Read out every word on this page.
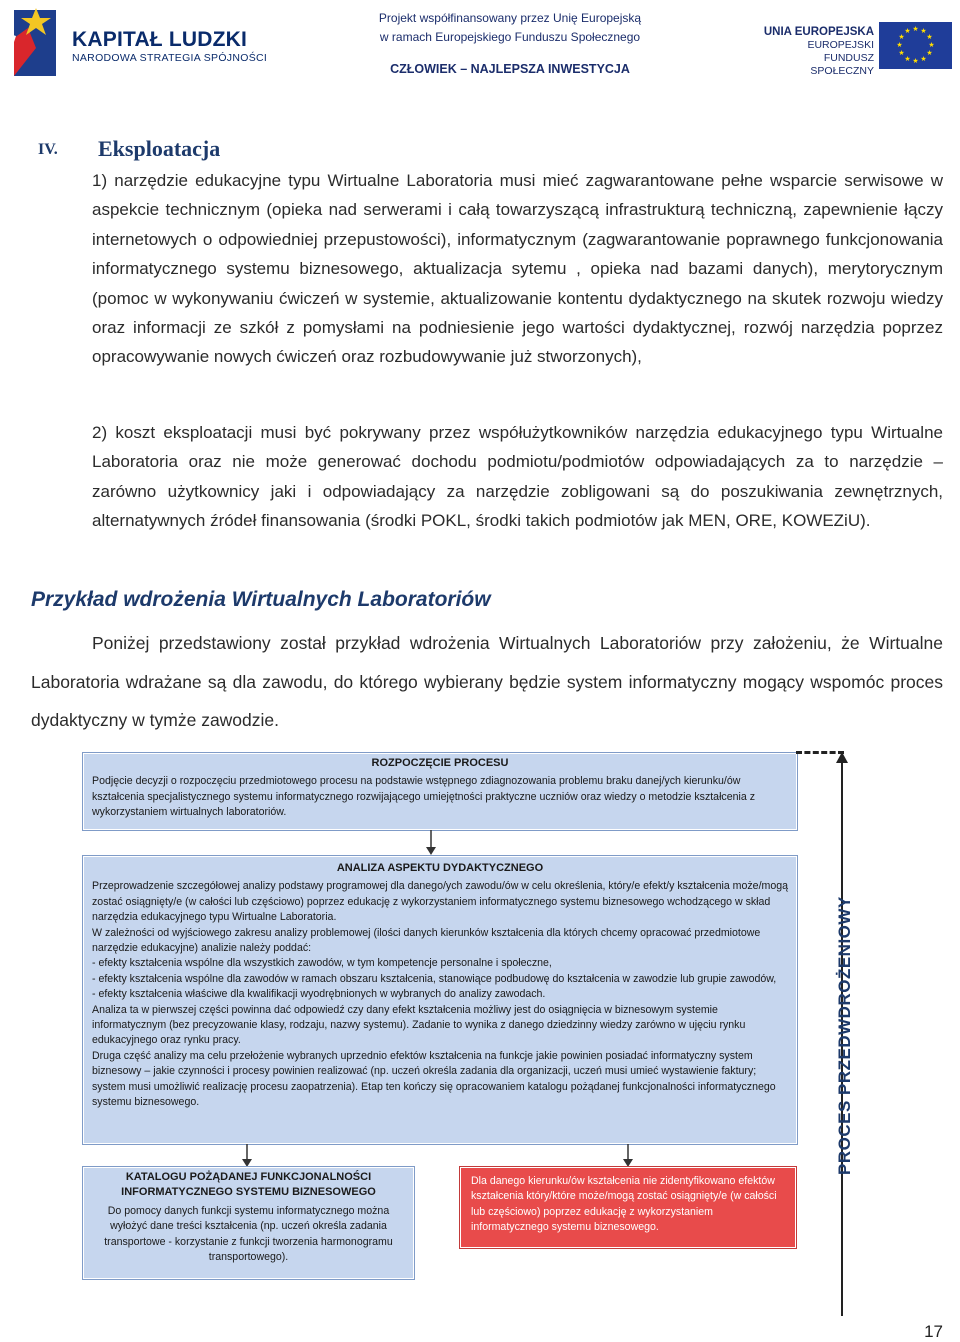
KAPITAŁ LUDZKI
NARODOWA STRATEGIA SPÓJNOŚCI
Projekt współfinansowany przez Unię Europejską
w ramach Europejskiego Funduszu Społecznego
CZŁOWIEK – NAJLEPSZA INWESTYCJA
UNIA EUROPEJSKA
EUROPEJSKI
FUNDUSZ SPOŁECZNY
★ ★
★
★
★
★
★
★
★
★
★
★
IV. Eksploatacja
1) narzędzie edukacyjne typu Wirtualne Laboratoria musi mieć zagwarantowane pełne wsparcie serwisowe w aspekcie technicznym (opieka nad serwerami i całą towarzyszącą infrastrukturą techniczną, zapewnienie łączy internetowych o odpowiedniej przepustowości), informatycznym (zagwarantowanie poprawnego funkcjonowania informatycznego systemu biznesowego, aktualizacja sytemu , opieka nad bazami danych), merytorycznym (pomoc w wykonywaniu ćwiczeń w systemie, aktualizowanie kontentu dydaktycznego na skutek rozwoju wiedzy oraz informacji ze szkół z pomysłami na podniesienie jego wartości dydaktycznej, rozwój narzędzia poprzez opracowywanie nowych ćwiczeń oraz rozbudowywanie już stworzonych),
2) koszt eksploatacji musi być pokrywany przez współużytkowników narzędzia edukacyjnego typu Wirtualne Laboratoria oraz nie może generować dochodu podmiotu/podmiotów odpowiadających za to narzędzie – zarówno użytkownicy jaki i odpowiadający za narzędzie zobligowani są do poszukiwania zewnętrznych, alternatywnych źródeł finansowania (środki POKL, środki takich podmiotów jak MEN, ORE, KOWEZiU).
Przykład wdrożenia Wirtualnych Laboratoriów
Poniżej przedstawiony został przykład wdrożenia Wirtualnych Laboratoriów przy założeniu, że Wirtualne Laboratoria wdrażane są dla zawodu, do którego wybierany będzie system informatyczny mogący wspomóc proces dydaktyczny w tymże zawodzie.
ROZPOCZĘCIE PROCESU
Podjęcie decyzji o rozpoczęciu przedmiotowego procesu na podstawie wstępnego zdiagnozowania problemu braku danej/ych kierunku/ów kształcenia specjalistycznego systemu informatycznego rozwijającego umiejętności praktyczne uczniów oraz wiedzy o metodzie kształcenia z wykorzystaniem wirtualnych laboratoriów.
ANALIZA ASPEKTU DYDAKTYCZNEGO
Przeprowadzenie szczegółowej analizy podstawy programowej dla danego/ych zawodu/ów w celu określenia, który/e efekt/y kształcenia może/mogą zostać osiągnięty/e (w całości lub częściowo) poprzez edukację z wykorzystaniem informatycznego systemu biznesowego wchodzącego w skład narzędzia edukacyjnego typu Wirtualne Laboratoria.
W zależności od wyjściowego zakresu analizy problemowej (ilości danych kierunków kształcenia dla których chcemy opracować przedmiotowe narzędzie edukacyjne) analizie należy poddać:
- efekty kształcenia wspólne dla wszystkich zawodów, w tym kompetencje personalne i społeczne,
- efekty kształcenia wspólne dla zawodów w ramach obszaru kształcenia, stanowiące podbudowę do kształcenia w zawodzie lub grupie zawodów,
- efekty kształcenia właściwe dla kwalifikacji wyodrębnionych w wybranych do analizy zawodach.
Analiza ta w pierwszej części powinna dać odpowiedź czy dany efekt kształcenia możliwy jest do osiągnięcia w biznesowym systemie informatycznym (bez precyzowanie klasy, rodzaju, nazwy systemu). Zadanie to wynika z danego dziedzinny wiedzy zarówno w ujęciu rynku edukacyjnego oraz rynku pracy.
Druga część analizy ma celu przełożenie wybranych uprzednio efektów kształcenia na funkcje jakie powinien posiadać informatyczny system biznesowy – jakie czynności i procesy powinien realizować (np. uczeń określa zadania dla organizacji, uczeń musi umieć wystawienie faktury; system musi umożliwić realizację procesu zaopatrzenia). Etap ten kończy się opracowaniem katalogu pożądanej funkcjonalności informatycznego systemu biznesowego.
KATALOGU POŻĄDANEJ FUNKCJONALNOŚCI
INFORMATYCZNEGO SYSTEMU BIZNESOWEGO
Do pomocy danych funkcji systemu informatycznego można wyłożyć dane treści kształcenia (np. uczeń określa zadania transportowe - korzystanie z funkcji tworzenia harmonogramu transportowego).
Dla danego kierunku/ów kształcenia nie zidentyfikowano efektów kształcenia który/które może/mogą zostać osiągnięty/e (w całości lub częściowo) poprzez edukację z wykorzystaniem informatycznego systemu biznesowego.
PROCES PRZEDWDROŻENIOWY
17
